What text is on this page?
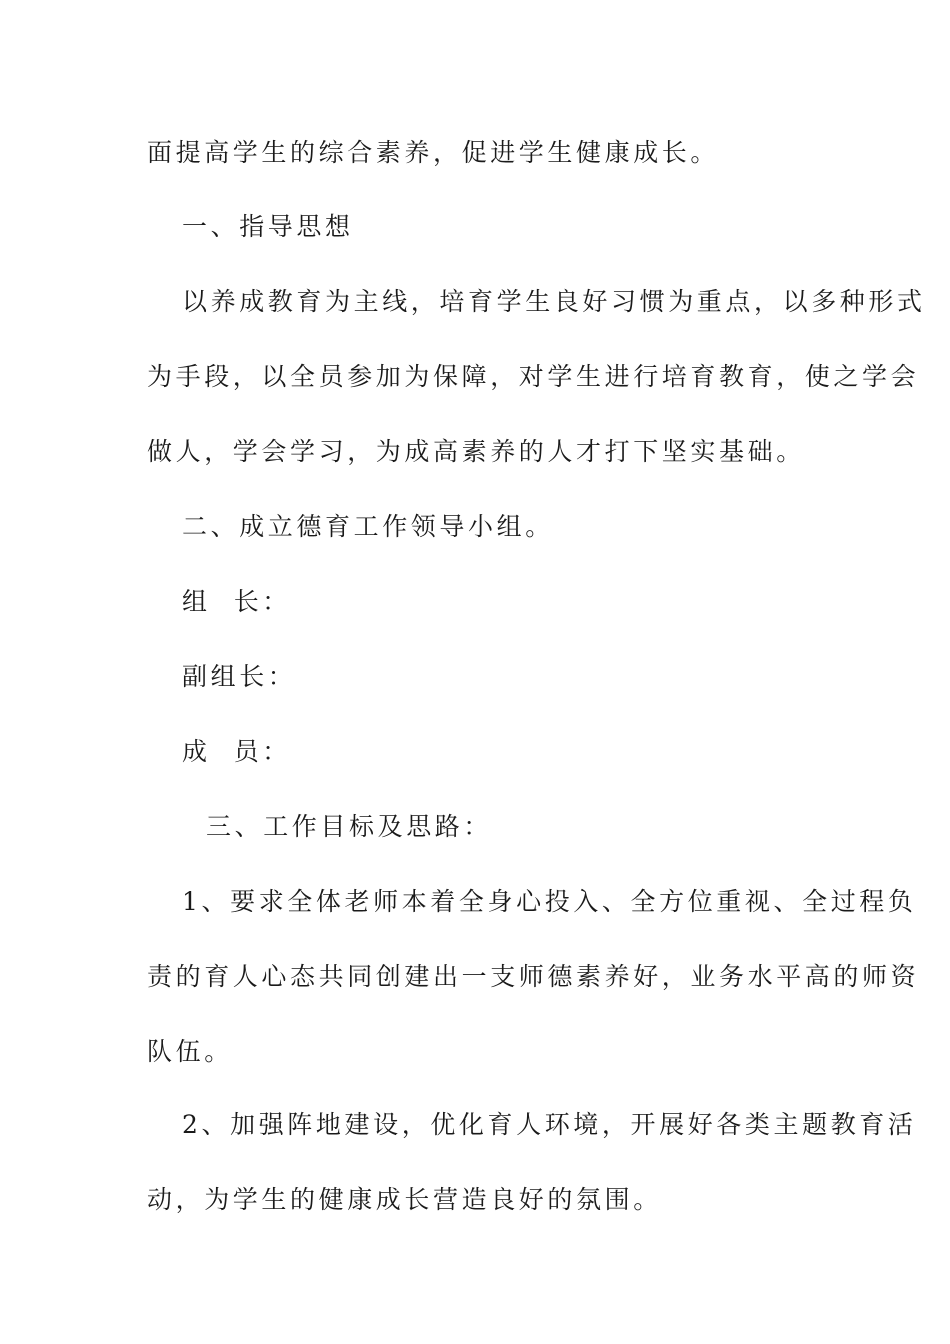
面提高学生的综合素养，促进学生健康成长。
一、指导思想
以养成教育为主线，培育学生良好习惯为重点，以多种形式
为手段，以全员参加为保障，对学生进行培育教育，使之学会
做人，学会学习，为成高素养的人才打下坚实基础。
二、成立德育工作领导小组。
组  长：
副组长：
成  员：
三、工作目标及思路：
1、要求全体老师本着全身心投入、全方位重视、全过程负
责的育人心态共同创建出一支师德素养好，业务水平高的师资
队伍。
2、加强阵地建设，优化育人环境，开展好各类主题教育活
动，为学生的健康成长营造良好的氛围。
